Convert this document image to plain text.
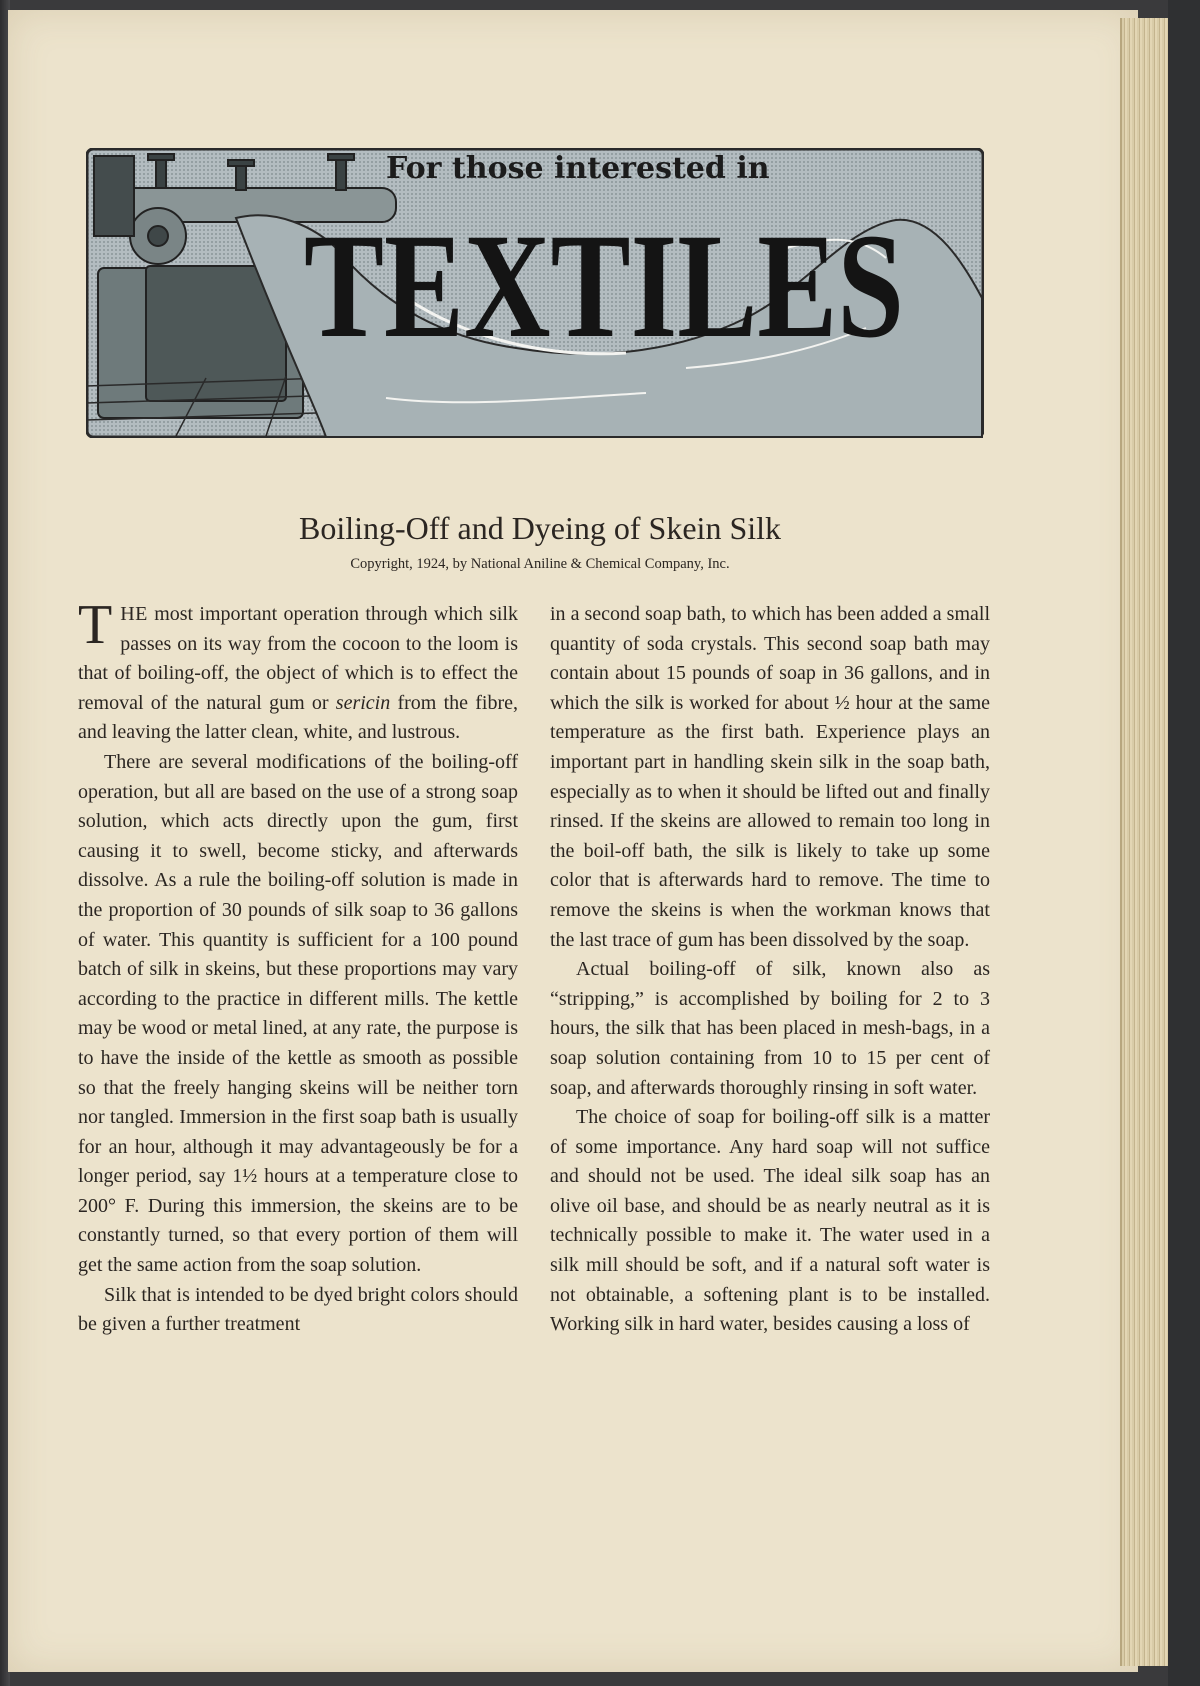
For those interested in
TEXTILES
Boiling-Off and Dyeing of Skein Silk
Copyright, 1924, by National Aniline & Chemical Company, Inc.

THE most important operation through which silk passes on its way from the cocoon to the loom is that of boiling-off, the object of which is to effect the removal of the natural gum or sericin from the fibre, and leaving the latter clean, white, and lustrous.

There are several modifications of the boiling-off operation, but all are based on the use of a strong soap solution, which acts directly upon the gum, first causing it to swell, become sticky, and afterwards dissolve. As a rule the boiling-off solution is made in the proportion of 30 pounds of silk soap to 36 gallons of water. This quantity is sufficient for a 100 pound batch of silk in skeins, but these proportions may vary according to the practice in different mills. The kettle may be wood or metal lined, at any rate, the purpose is to have the inside of the kettle as smooth as possible so that the freely hanging skeins will be neither torn nor tangled. Immersion in the first soap bath is usually for an hour, although it may advantageously be for a longer period, say 1½ hours at a temperature close to 200° F. During this immersion, the skeins are to be constantly turned, so that every portion of them will get the same action from the soap solution.

Silk that is intended to be dyed bright colors should be given a further treatment

in a second soap bath, to which has been added a small quantity of soda crystals. This second soap bath may contain about 15 pounds of soap in 36 gallons, and in which the silk is worked for about ½ hour at the same temperature as the first bath. Experience plays an important part in handling skein silk in the soap bath, especially as to when it should be lifted out and finally rinsed. If the skeins are allowed to remain too long in the boil-off bath, the silk is likely to take up some color that is afterwards hard to remove. The time to remove the skeins is when the workman knows that the last trace of gum has been dissolved by the soap.

Actual boiling-off of silk, known also as “stripping,” is accomplished by boiling for 2 to 3 hours, the silk that has been placed in mesh-bags, in a soap solution containing from 10 to 15 per cent of soap, and afterwards thoroughly rinsing in soft water.

The choice of soap for boiling-off silk is a matter of some importance. Any hard soap will not suffice and should not be used. The ideal silk soap has an olive oil base, and should be as nearly neutral as it is technically possible to make it. The water used in a silk mill should be soft, and if a natural soft water is not obtainable, a softening plant is to be installed. Working silk in hard water, besides causing a loss of
